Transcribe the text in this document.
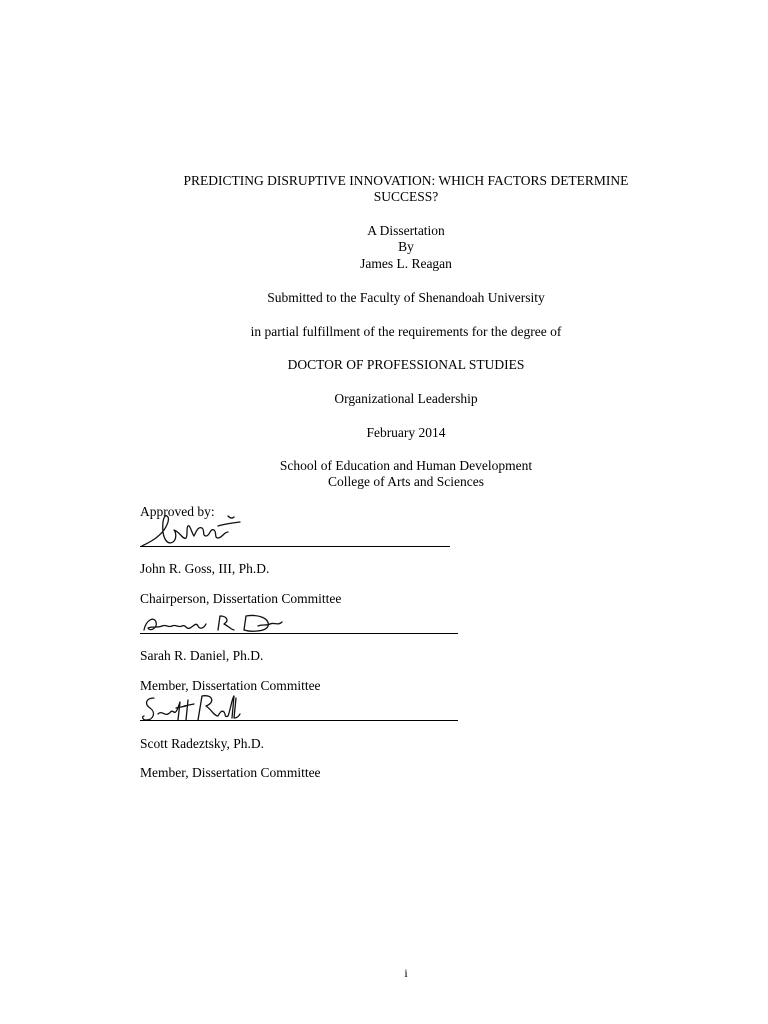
PREDICTING DISRUPTIVE INNOVATION: WHICH FACTORS DETERMINE
SUCCESS?
A Dissertation
By
James L. Reagan
Submitted to the Faculty of Shenandoah University
in partial fulfillment of the requirements for the degree of
DOCTOR OF PROFESSIONAL STUDIES
Organizational Leadership
February 2014
School of Education and Human Development
College of Arts and Sciences
Approved by:
John R. Goss, III, Ph.D.
Chairperson, Dissertation Committee
Sarah R. Daniel, Ph.D.
Member, Dissertation Committee
Scott Radeztsky, Ph.D.
Member, Dissertation Committee
i
